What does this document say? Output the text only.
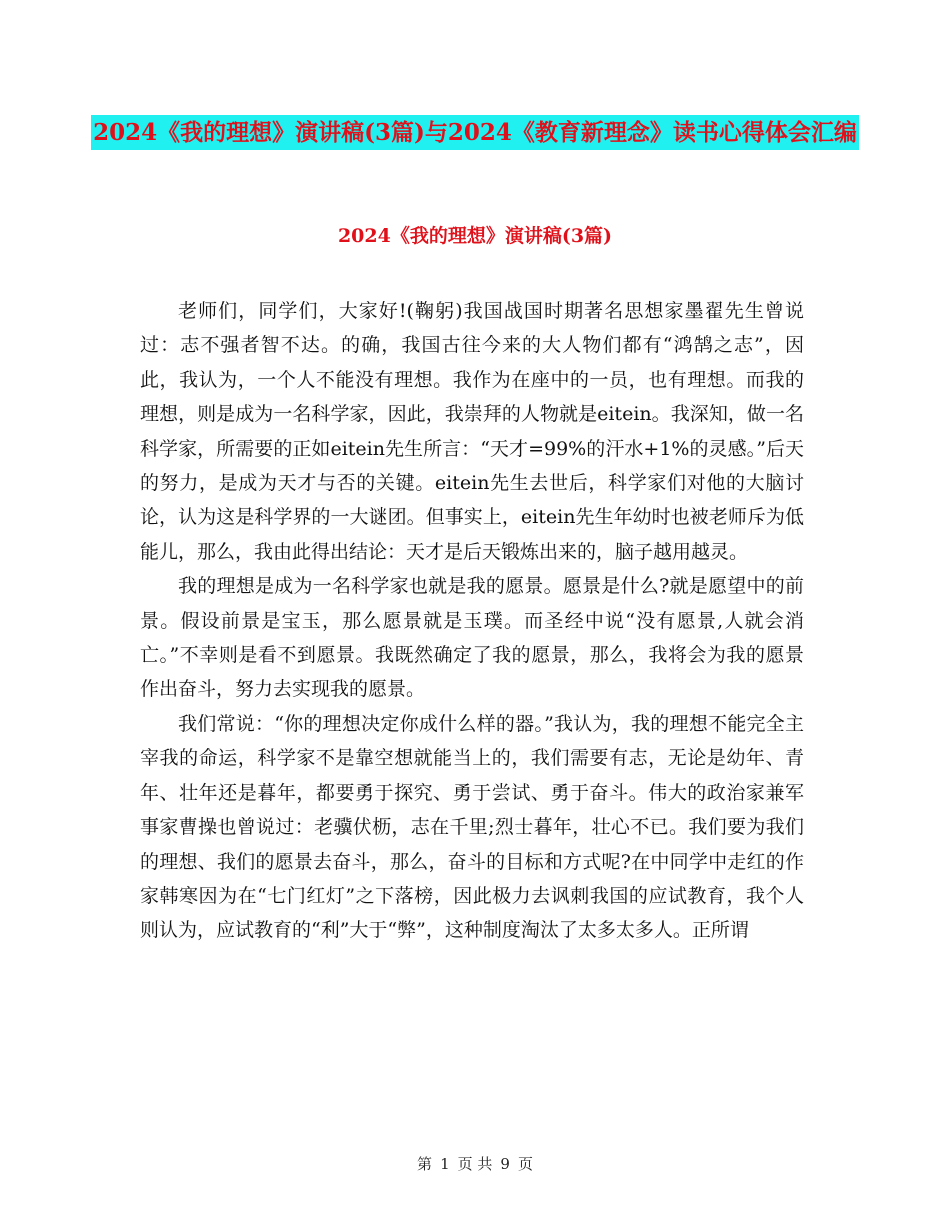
2024《我的理想》演讲稿(3篇)与2024《教育新理念》读书心得体会汇编
2024《我的理想》演讲稿(3篇)

老师们，同学们，大家好!(鞠躬)我国战国时期著名思想家墨翟先生曾说过：志不强者智不达。的确，我国古往今来的大人物们都有“鸿鹄之志”，因此，我认为，一个人不能没有理想。我作为在座中的一员，也有理想。而我的理想，则是成为一名科学家，因此，我崇拜的人物就是eitein。我深知，做一名科学家，所需要的正如eitein先生所言：“天才=99%的汗水+1%的灵感。”后天的努力，是成为天才与否的关键。eitein先生去世后，科学家们对他的大脑讨论，认为这是科学界的一大谜团。但事实上，eitein先生年幼时也被老师斥为低能儿，那么，我由此得出结论：天才是后天锻炼出来的，脑子越用越灵。

我的理想是成为一名科学家也就是我的愿景。愿景是什么?就是愿望中的前景。假设前景是宝玉，那么愿景就是玉璞。而圣经中说“没有愿景,人就会消亡。”不幸则是看不到愿景。我既然确定了我的愿景，那么，我将会为我的愿景作出奋斗，努力去实现我的愿景。

我们常说：“你的理想决定你成什么样的器。”我认为，我的理想不能完全主宰我的命运，科学家不是靠空想就能当上的，我们需要有志，无论是幼年、青年、壮年还是暮年，都要勇于探究、勇于尝试、勇于奋斗。伟大的政治家兼军事家曹操也曾说过：老骥伏枥，志在千里;烈士暮年，壮心不已。我们要为我们的理想、我们的愿景去奋斗，那么，奋斗的目标和方式呢?在中同学中走红的作家韩寒因为在“七门红灯”之下落榜，因此极力去讽刺我国的应试教育，我个人则认为，应试教育的“利”大于“弊”，这种制度淘汰了太多太多人。正所谓

第 1 页 共 9 页
